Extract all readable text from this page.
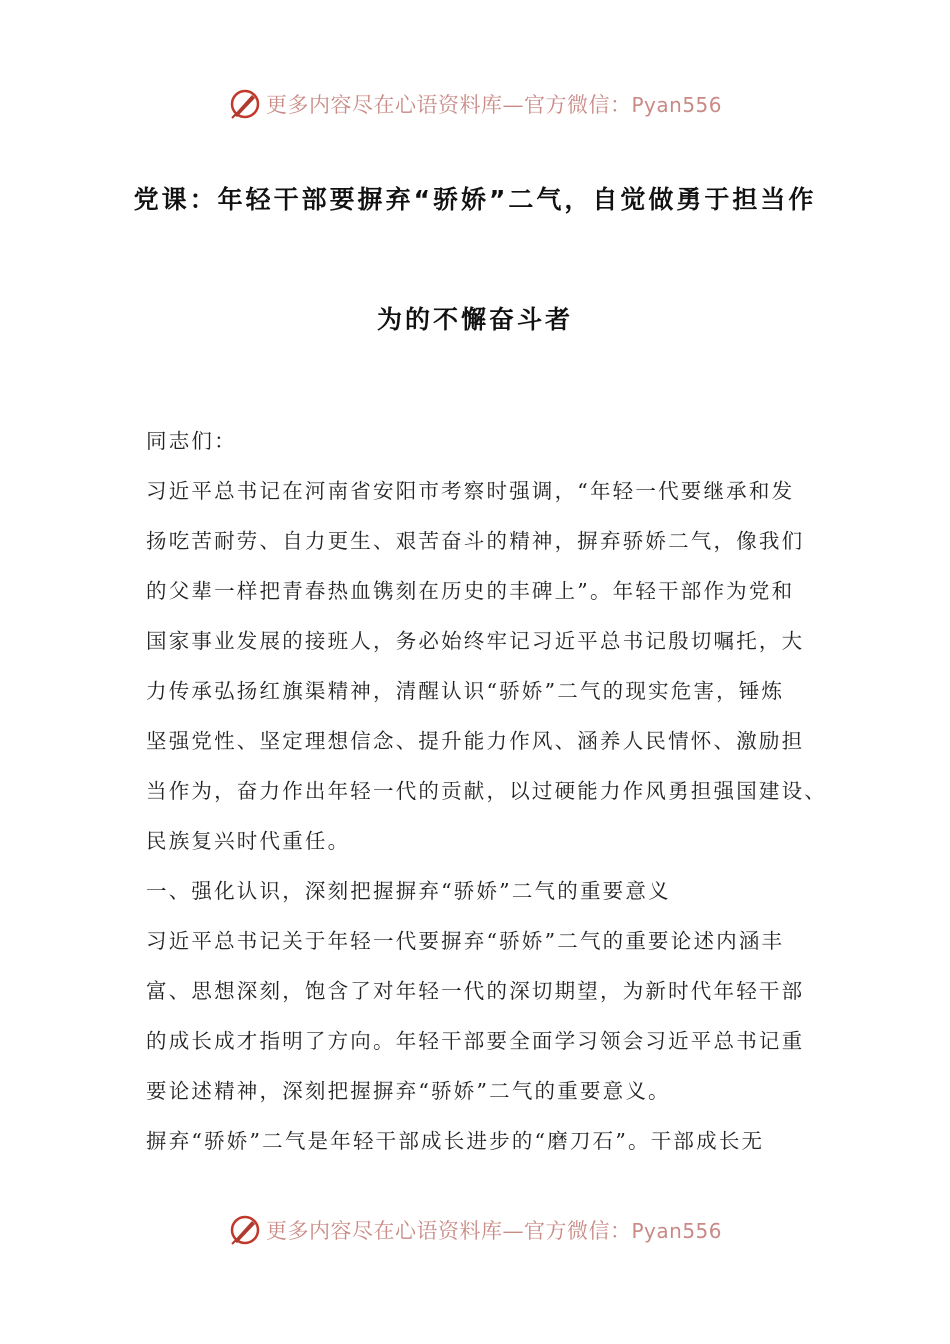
更多内容尽在心语资料库—官方微信：Pyan556
党课：年轻干部要摒弃“骄娇”二气，自觉做勇于担当作
为的不懈奋斗者

同志们：

习近平总书记在河南省安阳市考察时强调，“年轻一代要继承和发

扬吃苦耐劳、自力更生、艰苦奋斗的精神，摒弃骄娇二气，像我们

的父辈一样把青春热血镌刻在历史的丰碑上”。年轻干部作为党和

国家事业发展的接班人，务必始终牢记习近平总书记殷切嘱托，大

力传承弘扬红旗渠精神，清醒认识“骄娇”二气的现实危害，锤炼

坚强党性、坚定理想信念、提升能力作风、涵养人民情怀、激励担

当作为，奋力作出年轻一代的贡献，以过硬能力作风勇担强国建设、

民族复兴时代重任。

一、强化认识，深刻把握摒弃“骄娇”二气的重要意义

习近平总书记关于年轻一代要摒弃“骄娇”二气的重要论述内涵丰

富、思想深刻，饱含了对年轻一代的深切期望，为新时代年轻干部

的成长成才指明了方向。年轻干部要全面学习领会习近平总书记重

要论述精神，深刻把握摒弃“骄娇”二气的重要意义。

摒弃“骄娇”二气是年轻干部成长进步的“磨刀石”。干部成长无

更多内容尽在心语资料库—官方微信：Pyan556
